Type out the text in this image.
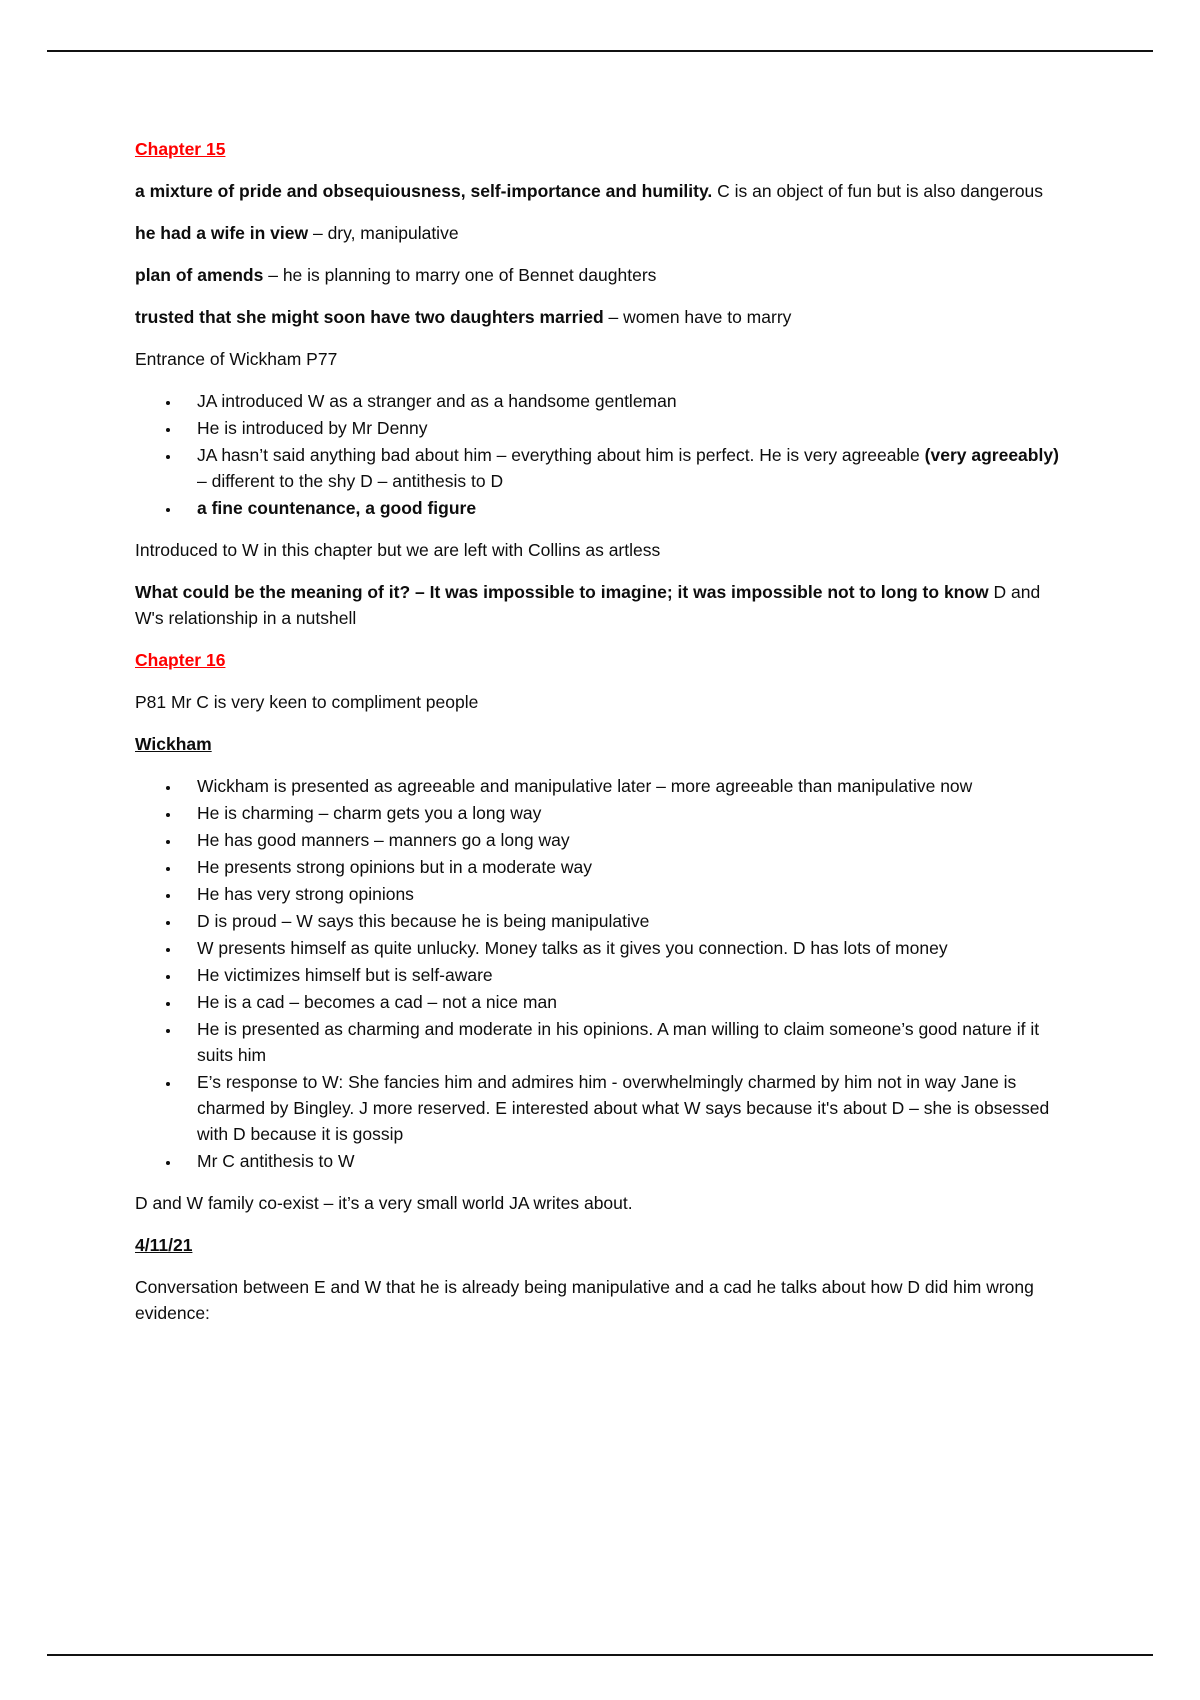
Chapter 15

a mixture of pride and obsequiousness, self-importance and humility. C is an object of fun but is also dangerous

he had a wife in view – dry, manipulative

plan of amends – he is planning to marry one of Bennet daughters

trusted that she might soon have two daughters married – women have to marry

Entrance of Wickham P77

• JA introduced W as a stranger and as a handsome gentleman
• He is introduced by Mr Denny
• JA hasn’t said anything bad about him – everything about him is perfect. He is very agreeable (very agreeably) – different to the shy D – antithesis to D
• a fine countenance, a good figure

Introduced to W in this chapter but we are left with Collins as artless

What could be the meaning of it? – It was impossible to imagine; it was impossible not to long to know D and W's relationship in a nutshell

Chapter 16

P81 Mr C is very keen to compliment people

Wickham

• Wickham is presented as agreeable and manipulative later – more agreeable than manipulative now
• He is charming – charm gets you a long way
• He has good manners – manners go a long way
• He presents strong opinions but in a moderate way
• He has very strong opinions
• D is proud – W says this because he is being manipulative
• W presents himself as quite unlucky. Money talks as it gives you connection. D has lots of money
• He victimizes himself but is self-aware
• He is a cad – becomes a cad – not a nice man
• He is presented as charming and moderate in his opinions. A man willing to claim someone’s good nature if it suits him
• E’s response to W: She fancies him and admires him - overwhelmingly charmed by him not in way Jane is charmed by Bingley. J more reserved. E interested about what W says because it's about D – she is obsessed with D because it is gossip
• Mr C antithesis to W

D and W family co-exist – it’s a very small world JA writes about.

4/11/21

Conversation between E and W that he is already being manipulative and a cad he talks about how D did him wrong evidence:
